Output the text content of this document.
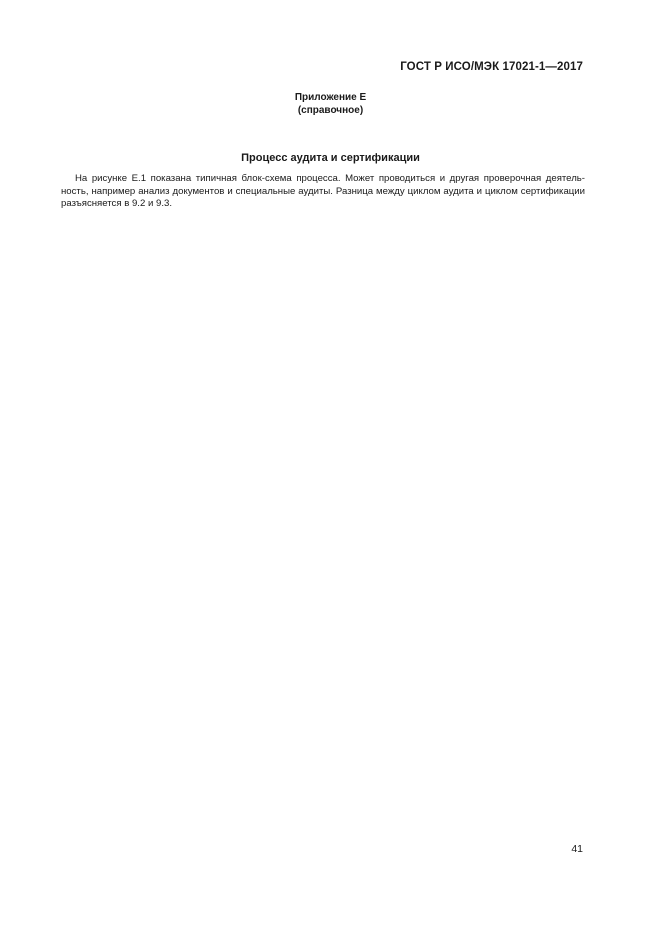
ГОСТ Р ИСО/МЭК 17021-1—2017
Приложение Е
(справочное)
Процесс аудита и сертификации
На рисунке Е.1 показана типичная блок-схема процесса. Может проводиться и другая проверочная деятель-
ность, например анализ документов и специальные аудиты. Разница между циклом аудита и циклом сертификации
разъясняется в 9.2 и 9.3.
41
